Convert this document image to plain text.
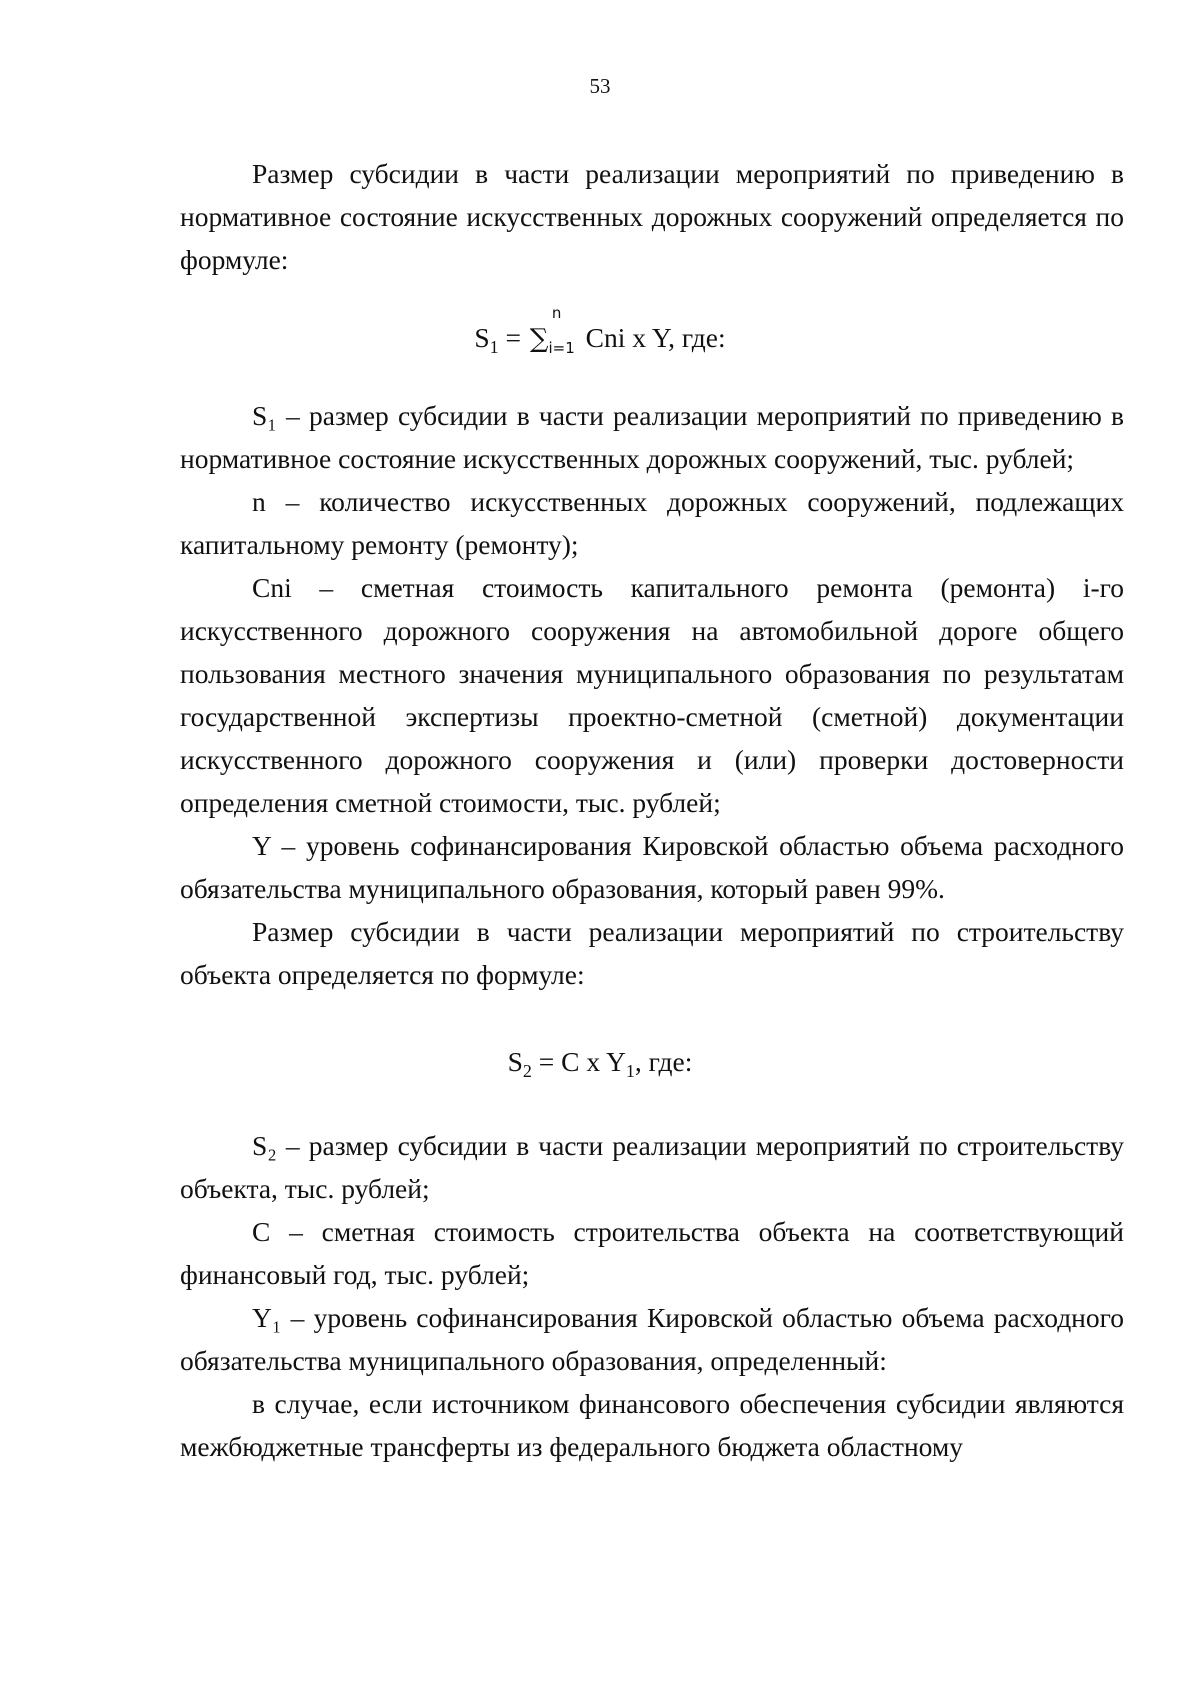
53

Размер субсидии в части реализации мероприятий по приведению в нормативное состояние искусственных дорожных сооружений определяется по формуле:

$S_1$ = ∑
n
i=1 Cni x Y, где:

S₁ – размер субсидии в части реализации мероприятий по приведению в нормативное состояние искусственных дорожных сооружений, тыс. рублей;

n – количество искусственных дорожных сооружений, подлежащих капитальному ремонту (ремонту);

Cni – сметная стоимость капитального ремонта (ремонта) i-го искусственного дорожного сооружения на автомобильной дороге общего пользования местного значения муниципального образования по результатам государственной экспертизы проектно-сметной (сметной) документации искусственного дорожного сооружения и (или) проверки достоверности определения сметной стоимости, тыс. рублей;

Y – уровень софинансирования Кировской областью объема расходного обязательства муниципального образования, который равен 99%.

Размер субсидии в части реализации мероприятий по строительству объекта определяется по формуле:

$S_2 = C$ x $Y_1$, где:

S₂ – размер субсидии в части реализации мероприятий по строительству объекта, тыс. рублей;

C – сметная стоимость строительства объекта на соответствующий финансовый год, тыс. рублей;

Y₁ – уровень софинансирования Кировской областью объема расходного обязательства муниципального образования, определенный:

в случае, если источником финансового обеспечения субсидии являются межбюджетные трансферты из федерального бюджета областному
